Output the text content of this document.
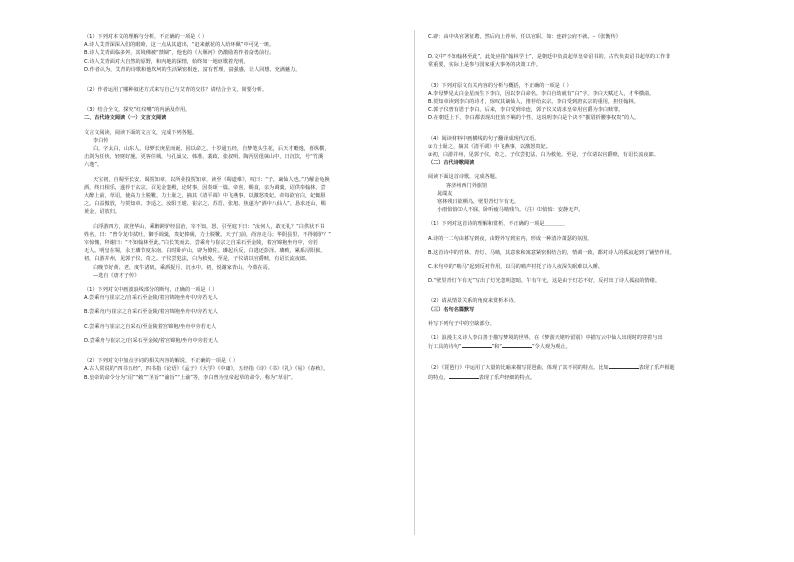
（1）下列对本文的理解与分析，不正确的一项是（ ）
A.诗人艾青深深入们的眼睑，这一点从其道出，“赶来献花的人给环佩”中可见一斑。
B.诗人艾青面临多舛，其境佛被“禁锢”，他也的《大堰河》仍激励着作者奋勇前行。
C.诗人艾青面对大自然的原野，和内地的深情，始终如一地讴歌着光明。
D.作者认为，艾青的诗歌和他坎坷的生活紧密相连，富有哲理，富强感，让人回想，充满魅力。
（2）作者运用了哪种叙述方式来写自己与艾青的交往？请结合全文，简要分析。
（3）结合全文，探究“红纹嘴”的内涵及作用。
二、古代诗文阅读（一）文言文阅读
文言文阅读，阅读下面的文言文，完成下列各题。
李白传
白，字太白，山东人。母梦长庚星而诞，因以命之。十岁通五经，自梦笔头生花，后天才赡逸，喜纵横，
击剑为任侠，轻财好施。更客任城，与孔巢父、韩准、裴政、张叔明、陶沔居徂徕山中，日沉饮，号“竹溪
六逸”。
天宝初，自蜀至长安，谒贺知章，以所业投贺知章，读至《蜀道难》，叹曰：“子，谪仙人也。”乃解金龟换
酒，终日相乐，遂荐于玄宗。召见金銮殿，论时事，因奏颂一篇。帝喜，赐食，亲为调羹，诏供奉翰林。尝
大醉上前，草诏，使高力士脱靴。力士耻之，摘其《清平调》中飞燕事，以激怒贵妃。帝每欲官白，妃辄阻
之。白益傲放，与贺知章、李适之、汝阳王琎、崔宗之、苏晋、张旭、焦遂为“酒中八仙人”。恳求还山，赐
黄金，诏放归。
白浮游四方，欲登华山，乘醉跨驴经县治，宰不知，怒，引至庭下曰：“汝何人，敢无礼？”白供状不书
姓名，曰：“曾令龙巾拭吐，御手调羹，贵妃捧砚，力士脱靴。天子门前，尚容走马；华阴县里，不得骑驴？”
宰惊愧，拜谢曰：“不知翰林至此。”白长笑而去。尝乘舟与崔宗之自采石至金陵，着宫锦袍坐舟中，旁若
无人。明皇在蜀，永王璘节度东南，白时卧庐山，辟为僚佐。璘起兵反，白逃还彭泽。璘败，累系浔阳狱。
初，白游并州，见郭子仪，奇之。子仪尝犯法，白为救免。至是，子仪请以官爵赎，有诏长流夜郎。
白晚节好黄、老，度牛渚矶，乘酒捉月，沉水中。初，悦谢家青山，今墓在焉。
—选自《唐才子传》
（1）下列对文中画波浪线部分的断句，正确的一项是（ ）
A.尝乘舟与崔宗之/自采石至金陵/着宫锦袍坐舟中/旁若无人
B.尝乘舟/与崔宗之自采石至金陵/着宫锦袍坐舟中/旁若无人
C.尝乘舟与崔宗之自采石/至金陵着宫锦袍/坐舟中旁若无人
D.尝乘舟与崔宗之/自采石至金陵/着宫锦袍/坐舟中旁若无人
（2）下列对文中加点字词的相关内容的解说，不正确的一项是（ ）
A.古人常说的“四书五经”，四书指《论语》《孟子》《大学》《中庸》，五经指《诗》《书》《礼》《易》《春秋》。
B.皇帝的命令分为“诏”“敕”“圣旨”“谕旨”“上谕”等，李白曾为皇帝起草的命令，称为“草诏”。
C.辟：由中央官署征聘，然后向上荐举，任以官职，如：连辟公府不就。–《张衡传》
D.文中“不知翰林至此”，此处应指“翰林学士”，是朝廷中负责起草皇帝诏书的。古代负责诏书起草的工作非
常重要，实际上是参与国家重大事务的决策工作。
（3）下列对原文有关内容的分析与概括，不正确的一项是（ ）
A.李母梦见太白金星而生下李白，因以李白命名。李白自幼就有“白”字。李白天赋过人，才华横溢。
B.贺知章读到李白的诗才，惊叹其谪仙人，推荐给玄宗。李白受到唐玄宗的重用，担任翰林。
C.郭子仪曾有恩于李白。后来，李白受到牵连，郭子仪又请求皇帝用官爵为李白赎罪。
D.在朝廷上下，李白都表现出狂放不羁的个性，这说明李白是个决不“摧眉折腰事权贵”的人。
（4）阅读材料中画横线的句子翻译成现代汉语。
①力士耻之，摘其《清平调》中飞燕事，以激怒贵妃。
②初，白游并州，见郭子仪，奇之。子仪尝犯法，白为救免。至是，子仪请以官爵赎，有诏长流夜郎。
（二）古代诗歌阅读
阅读下面这首诗歌，完成各题。
客济州西门外旅馆
晁端友
寒林残日欲栖乌，壁里青灯乍有无。
小雨愔愔⑴人不寐，卧听疲马啮残刍。（注）⑴愔愔：安静无声。
（1）下列对这首诗的理解和赏析，不正确的一项是＿＿＿＿
A.诗的一二句由暮写到夜，由野外写到室内，形成一种清冷萧瑟的氛围。
B.这首诗中的竹林、青灯、马啮，其意象和寓意紧密相结合的，情调一致，都对诗人的孤寂起到了铺垫作用。
C.末句中的“啮马”起到反衬作用，以马的啮声衬托了诗人夜深失眠难以入睡。
D.“壁里青灯乍有无”写出了灯光忽明忽暗，午有午无，这是由于灯芯不好，反衬出了诗人孤寂的情绪。
（2）请从情景关系的角度来赏析本诗。
（三）名句名篇默写
补写下列句子中的空缺部分。
（1）浪漫主义诗人李白善于描写梦境的世界，在《梦游天姥吟留别》中描写云中仙人出现时的穿着与出
行工具的诗句“	”和“	”令人观为观止。
（2）《琵琶行》中运用了大量的比喻来描写琵琶曲，体现了其不同的特点。比如	表现了乐声相逝
的特点，	表现了乐声轻细的特点。
